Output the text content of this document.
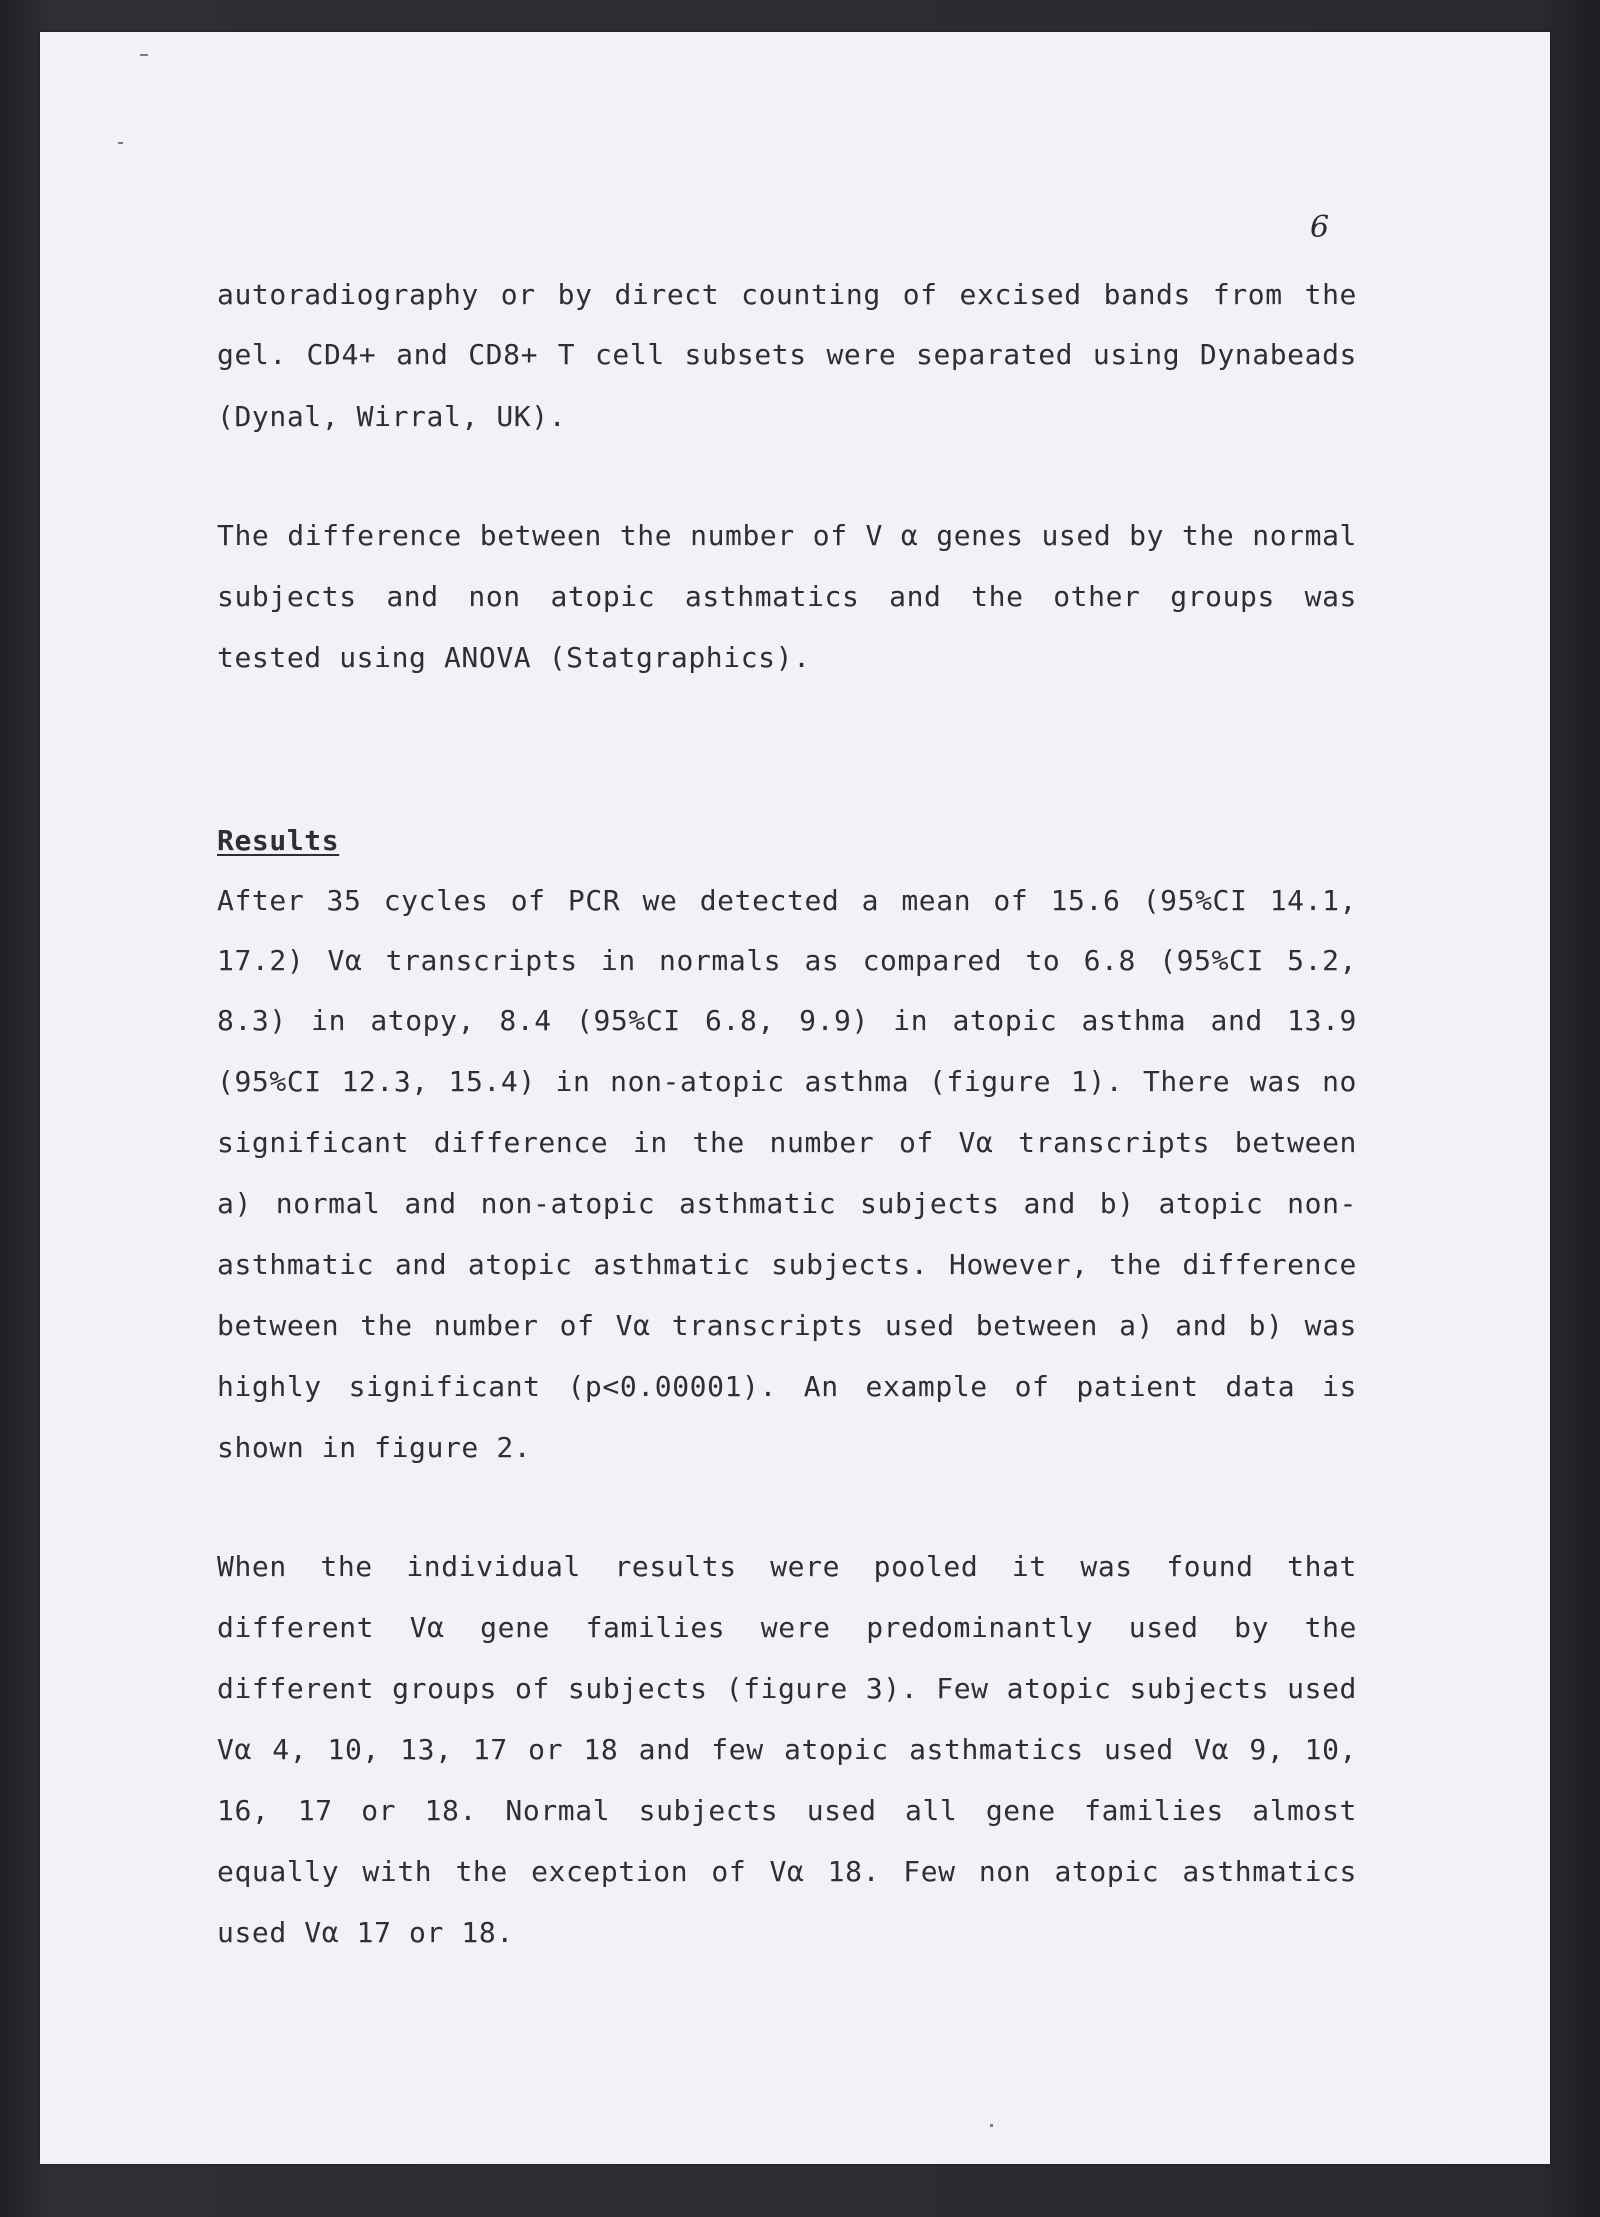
6
autoradiography or by direct counting of excised bands from the
gel. CD4+ and CD8+ T cell subsets were separated using Dynabeads
(Dynal, Wirral, UK).
The difference between the number of V α genes used by the normal
subjects and non atopic asthmatics and the other groups was
tested using ANOVA (Statgraphics).
Results
After 35 cycles of PCR we detected a mean of 15.6 (95%CI 14.1,
17.2) Vα transcripts in normals as compared to 6.8 (95%CI 5.2,
8.3) in atopy, 8.4 (95%CI 6.8, 9.9) in atopic asthma and 13.9
(95%CI 12.3, 15.4) in non-atopic asthma (figure 1). There was no
significant difference in the number of Vα transcripts between
a) normal and non-atopic asthmatic subjects and b) atopic non-
asthmatic and atopic asthmatic subjects. However, the difference
between the number of Vα transcripts used between a) and b) was
highly significant (p<0.00001). An example of patient data is
shown in figure 2.
When the individual results were pooled it was found that
different Vα gene families were predominantly used by the
different groups of subjects (figure 3). Few atopic subjects used
Vα 4, 10, 13, 17 or 18 and few atopic asthmatics used Vα 9, 10,
16, 17 or 18. Normal subjects used all gene families almost
equally with the exception of Vα 18. Few non atopic asthmatics
used Vα 17 or 18.
